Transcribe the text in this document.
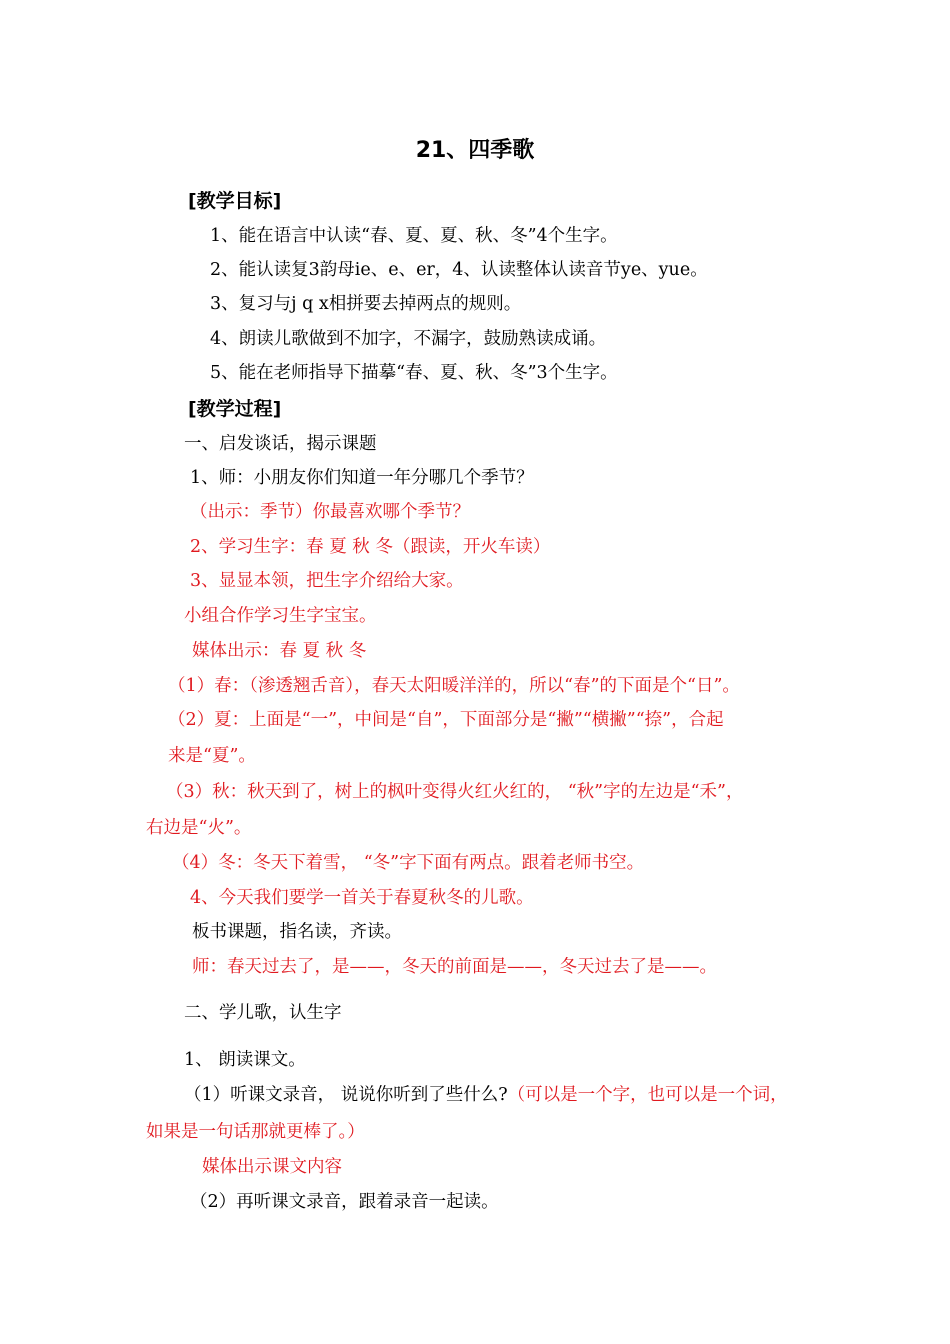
21、四季歌
[教学目标]
1、能在语言中认读“春、夏、夏、秋、冬”4个生字。
2、能认读复3韵母ie、e、er，4、认读整体认读音节ye、yue。
3、复习与j q x相拼要去掉两点的规则。
4、朗读儿歌做到不加字，不漏字，鼓励熟读成诵。
5、能在老师指导下描摹“春、夏、秋、冬”3个生字。
[教学过程]
一、启发谈话，揭示课题
1、师：小朋友你们知道一年分哪几个季节？
（出示：季节）你最喜欢哪个季节？
2、学习生字：春 夏 秋 冬（跟读，开火车读）
3、显显本领，把生字介绍给大家。
小组合作学习生字宝宝。
媒体出示：春 夏 秋 冬
（1）春：（渗透翘舌音），春天太阳暖洋洋的，所以“春”的下面是个“日”。
（2）夏：上面是“一”，中间是“自”，下面部分是“撇”“横撇”“捺”，合起
来是“夏”。
（3）秋：秋天到了，树上的枫叶变得火红火红的， “秋”字的左边是“禾”，
右边是“火”。
（4）冬：冬天下着雪， “冬”字下面有两点。跟着老师书空。
4、今天我们要学一首关于春夏秋冬的儿歌。
板书课题，指名读，齐读。
师：春天过去了，是——，冬天的前面是——，冬天过去了是——。
二、学儿歌，认生字
1、 朗读课文。
（1）听课文录音， 说说你听到了些什么?（可以是一个字，也可以是一个词，
如果是一句话那就更棒了。）
媒体出示课文内容
（2）再听课文录音，跟着录音一起读。
